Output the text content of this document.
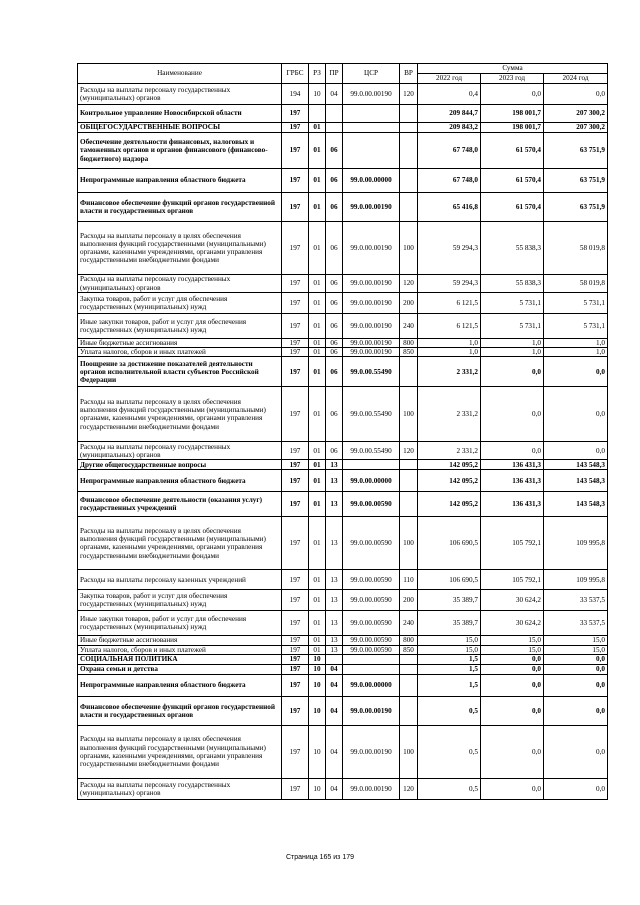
Наименование	ГРБС	РЗ	ПР	ЦСР	ВР	Сумма		
						2022 год	2023 год	2024 год
Расходы на выплаты персоналу государственных (муниципальных) органов	194	10	04	99.0.00.00190	120	0,4	0,0	0,0
Контрольное управление Новосибирской области	197					209 844,7	198 001,7	207 300,2
ОБЩЕГОСУДАРСТВЕННЫЕ ВОПРОСЫ	197	01				209 843,2	198 001,7	207 300,2
Обеспечение деятельности финансовых, налоговых и таможенных органов и органов финансового (финансово-бюджетного) надзора	197	01	06			67 748,0	61 570,4	63 751,9
Непрограммные направления областного бюджета	197	01	06	99.0.00.00000		67 748,0	61 570,4	63 751,9
Финансовое обеспечение функций органов государственной власти и государственных органов	197	01	06	99.0.00.00190		65 416,8	61 570,4	63 751,9
Расходы на выплаты персоналу в целях обеспечения выполнения функций государственными (муниципальными) органами, казенными учреждениями, органами управления государственными внебюджетными фондами	197	01	06	99.0.00.00190	100	59 294,3	55 838,3	58 019,8
Расходы на выплаты персоналу государственных (муниципальных) органов	197	01	06	99.0.00.00190	120	59 294,3	55 838,3	58 019,8
Закупка товаров, работ и услуг для обеспечения государственных (муниципальных) нужд	197	01	06	99.0.00.00190	200	6 121,5	5 731,1	5 731,1
Иные закупки товаров, работ и услуг для обеспечения государственных (муниципальных) нужд	197	01	06	99.0.00.00190	240	6 121,5	5 731,1	5 731,1
Иные бюджетные ассигнования	197	01	06	99.0.00.00190	800	1,0	1,0	1,0
Уплата налогов, сборов и иных платежей	197	01	06	99.0.00.00190	850	1,0	1,0	1,0
Поощрение за достижение показателей деятельности органов исполнительной власти субъектов Российской Федерации	197	01	06	99.0.00.55490		2 331,2	0,0	0,0
Расходы на выплаты персоналу в целях обеспечения выполнения функций государственными (муниципальными) органами, казенными учреждениями, органами управления государственными внебюджетными фондами	197	01	06	99.0.00.55490	100	2 331,2	0,0	0,0
Расходы на выплаты персоналу государственных (муниципальных) органов	197	01	06	99.0.00.55490	120	2 331,2	0,0	0,0
Другие общегосударственные вопросы	197	01	13			142 095,2	136 431,3	143 548,3
Непрограммные направления областного бюджета	197	01	13	99.0.00.00000		142 095,2	136 431,3	143 548,3
Финансовое обеспечение деятельности (оказания услуг) государственных учреждений	197	01	13	99.0.00.00590		142 095,2	136 431,3	143 548,3
Расходы на выплаты персоналу в целях обеспечения выполнения функций государственными (муниципальными) органами, казенными учреждениями, органами управления государственными внебюджетными фондами	197	01	13	99.0.00.00590	100	106 690,5	105 792,1	109 995,8
Расходы на выплаты персоналу казенных учреждений	197	01	13	99.0.00.00590	110	106 690,5	105 792,1	109 995,8
Закупка товаров, работ и услуг для обеспечения государственных (муниципальных) нужд	197	01	13	99.0.00.00590	200	35 389,7	30 624,2	33 537,5
Иные закупки товаров, работ и услуг для обеспечения государственных (муниципальных) нужд	197	01	13	99.0.00.00590	240	35 389,7	30 624,2	33 537,5
Иные бюджетные ассигнования	197	01	13	99.0.00.00590	800	15,0	15,0	15,0
Уплата налогов, сборов и иных платежей	197	01	13	99.0.00.00590	850	15,0	15,0	15,0
СОЦИАЛЬНАЯ ПОЛИТИКА	197	10				1,5	0,0	0,0
Охрана семьи и детства	197	10	04			1,5	0,0	0,0
Непрограммные направления областного бюджета	197	10	04	99.0.00.00000		1,5	0,0	0,0
Финансовое обеспечение функций органов государственной власти и государственных органов	197	10	04	99.0.00.00190		0,5	0,0	0,0
Расходы на выплаты персоналу в целях обеспечения выполнения функций государственными (муниципальными) органами, казенными учреждениями, органами управления государственными внебюджетными фондами	197	10	04	99.0.00.00190	100	0,5	0,0	0,0
Расходы на выплаты персоналу государственных (муниципальных) органов	197	10	04	99.0.00.00190	120	0,5	0,0	0,0
Страница 165 из 179
